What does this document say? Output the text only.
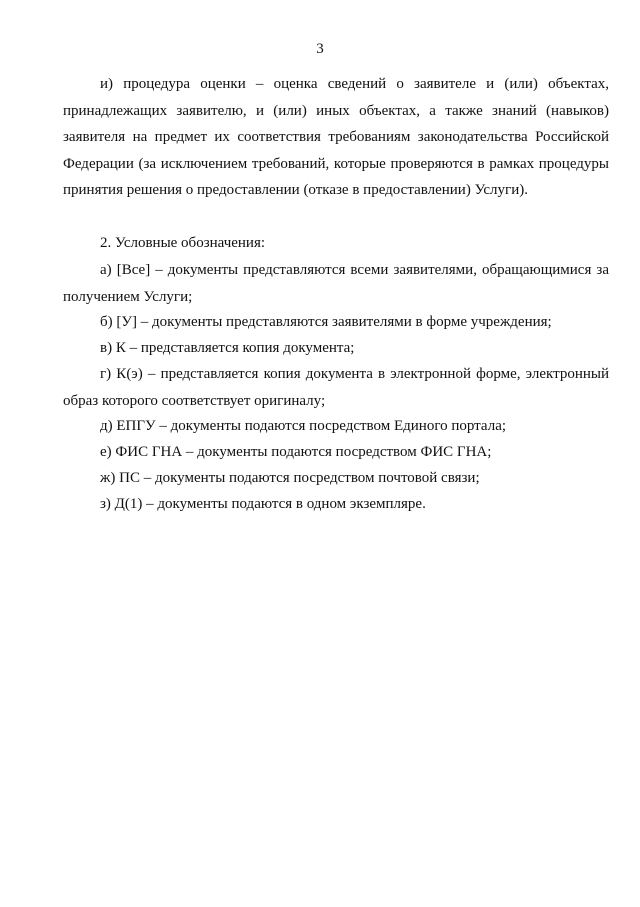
3

и) процедура оценки – оценка сведений о заявителе и (или) объектах, принадлежащих заявителю, и (или) иных объектах, а также знаний (навыков) заявителя на предмет их соответствия требованиям законодательства Российской Федерации (за исключением требований, которые проверяются в рамках процедуры принятия решения о предоставлении (отказе в предоставлении) Услуги).

2. Условные обозначения:

а) [Все] – документы представляются всеми заявителями, обращающимися за получением Услуги;

б) [У] – документы представляются заявителями в форме учреждения;

в) К – представляется копия документа;

г) К(э) – представляется копия документа в электронной форме, электронный образ которого соответствует оригиналу;

д) ЕПГУ – документы подаются посредством Единого портала;

е) ФИС ГНА – документы подаются посредством ФИС ГНА;

ж) ПС – документы подаются посредством почтовой связи;

з) Д(1) – документы подаются в одном экземпляре.
